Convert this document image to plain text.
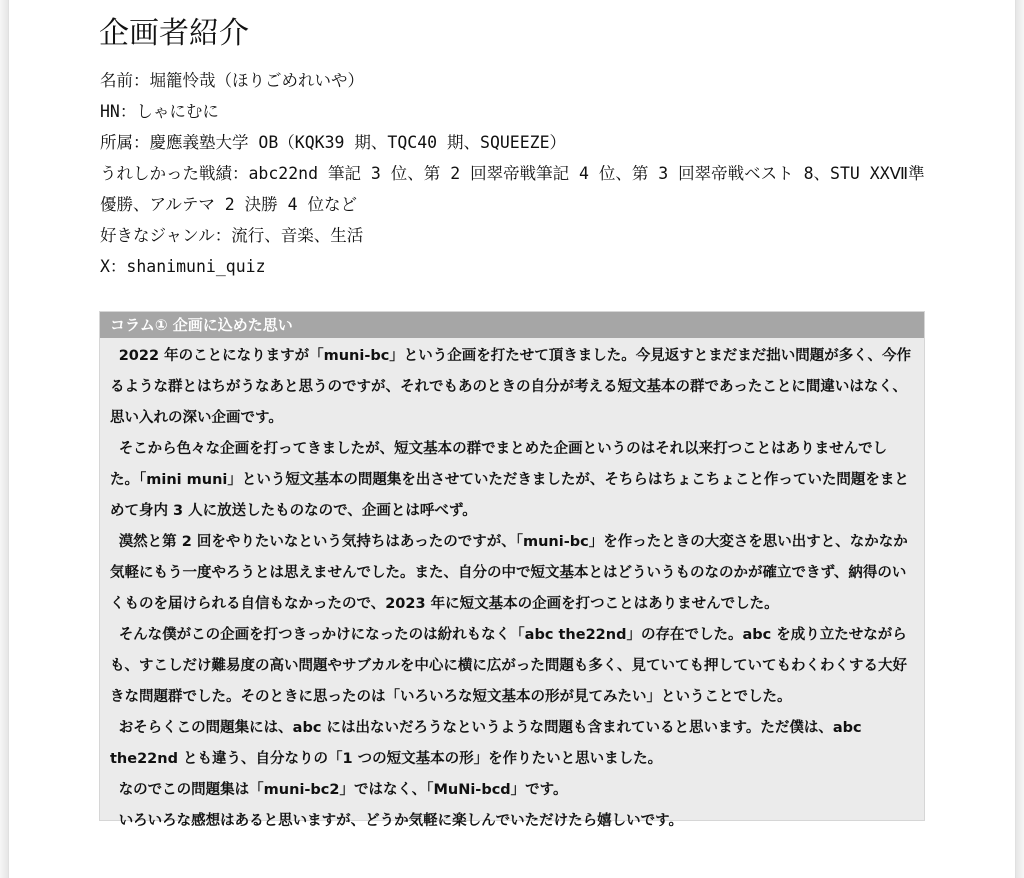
企画者紹介
名前：堀籠怜哉（ほりごめれいや）
HN：しゃにむに
所属：慶應義塾大学 OB（KQK39 期、TQC40 期、SQUEEZE）
うれしかった戦績：abc22nd 筆記 3 位、第 2 回翠帝戦筆記 4 位、第 3 回翠帝戦ベスト 8、STU XXⅦ準優勝、アルテマ 2 決勝 4 位など
好きなジャンル：流行、音楽、生活
X：shanimuni_quiz
コラム① 企画に込めた思い

2022 年のことになりますが「muni-bc」という企画を打たせて頂きました。今見返すとまだまだ拙い問題が多く、今作るような群とはちがうなあと思うのですが、それでもあのときの自分が考える短文基本の群であったことに間違いはなく、思い入れの深い企画です。

そこから色々な企画を打ってきましたが、短文基本の群でまとめた企画というのはそれ以来打つことはありませんでした。「mini muni」という短文基本の問題集を出させていただきましたが、そちらはちょこちょこと作っていた問題をまとめて身内 3 人に放送したものなので、企画とは呼べず。

漠然と第 2 回をやりたいなという気持ちはあったのですが、「muni-bc」を作ったときの大変さを思い出すと、なかなか気軽にもう一度やろうとは思えませんでした。また、自分の中で短文基本とはどういうものなのかが確立できず、納得のいくものを届けられる自信もなかったので、2023 年に短文基本の企画を打つことはありませんでした。

そんな僕がこの企画を打つきっかけになったのは紛れもなく「abc the22nd」の存在でした。abc を成り立たせながらも、すこしだけ難易度の高い問題やサブカルを中心に横に広がった問題も多く、見ていても押していてもわくわくする大好きな問題群でした。そのときに思ったのは「いろいろな短文基本の形が見てみたい」ということでした。

おそらくこの問題集には、abc には出ないだろうなというような問題も含まれていると思います。ただ僕は、abc the22nd とも違う、自分なりの「1 つの短文基本の形」を作りたいと思いました。

なのでこの問題集は「muni-bc2」ではなく、「MuNi-bcd」です。

いろいろな感想はあると思いますが、どうか気軽に楽しんでいただけたら嬉しいです。
